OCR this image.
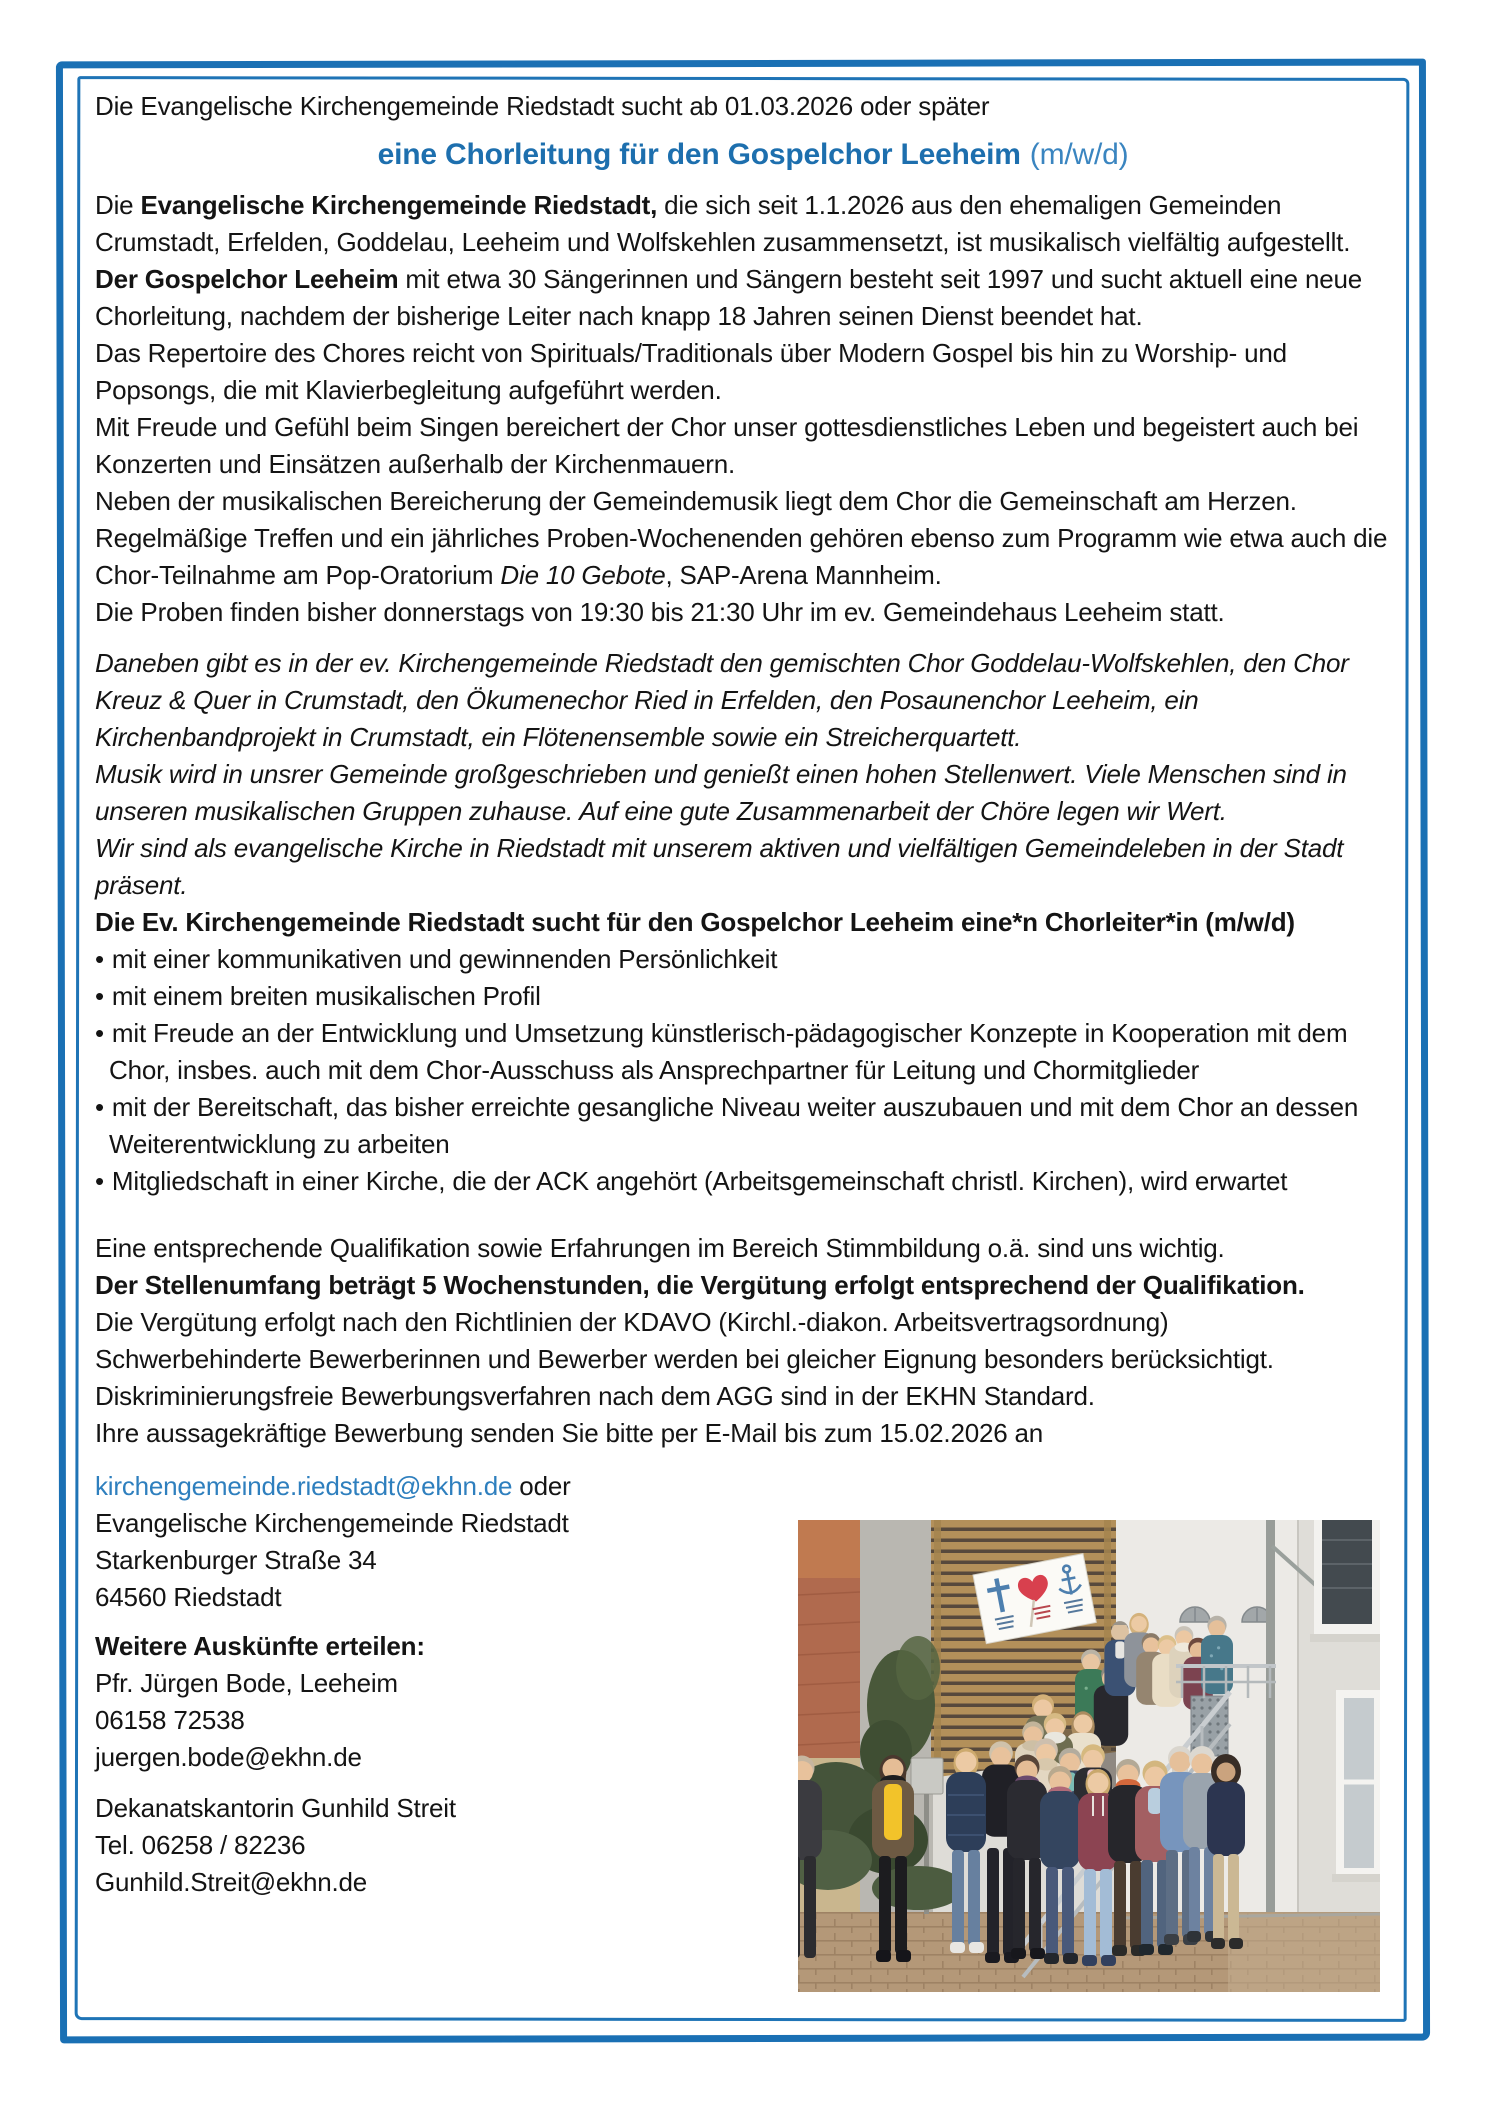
Die Evangelische Kirchengemeinde Riedstadt sucht ab 01.03.2026 oder später

eine Chorleitung für den Gospelchor Leeheim (m/w/d)

Die Evangelische Kirchengemeinde Riedstadt, die sich seit 1.1.2026 aus den ehemaligen Gemeinden Crumstadt, Erfelden, Goddelau, Leeheim und Wolfskehlen zusammensetzt, ist musikalisch vielfältig aufgestellt.

Der Gospelchor Leeheim mit etwa 30 Sängerinnen und Sängern besteht seit 1997 und sucht aktuell eine neue Chorleitung, nachdem der bisherige Leiter nach knapp 18 Jahren seinen Dienst beendet hat.

Das Repertoire des Chores reicht von Spirituals/Traditionals über Modern Gospel bis hin zu Worship- und Popsongs, die mit Klavierbegleitung aufgeführt werden.

Mit Freude und Gefühl beim Singen bereichert der Chor unser gottesdienstliches Leben und begeistert auch bei Konzerten und Einsätzen außerhalb der Kirchenmauern.

Neben der musikalischen Bereicherung der Gemeindemusik liegt dem Chor die Gemeinschaft am Herzen. Regelmäßige Treffen und ein jährliches Proben-Wochenenden gehören ebenso zum Programm wie etwa auch die Chor-Teilnahme am Pop-Oratorium Die 10 Gebote, SAP-Arena Mannheim.

Die Proben finden bisher donnerstags von 19:30 bis 21:30 Uhr im ev. Gemeindehaus Leeheim statt.

Daneben gibt es in der ev. Kirchengemeinde Riedstadt den gemischten Chor Goddelau-Wolfskehlen, den Chor Kreuz & Quer in Crumstadt, den Ökumenechor Ried in Erfelden, den Posaunenchor Leeheim, ein Kirchenbandprojekt in Crumstadt, ein Flötenensemble sowie ein Streicherquartett.

Musik wird in unsrer Gemeinde großgeschrieben und genießt einen hohen Stellenwert. Viele Menschen sind in unseren musikalischen Gruppen zuhause. Auf eine gute Zusammenarbeit der Chöre legen wir Wert.

Wir sind als evangelische Kirche in Riedstadt mit unserem aktiven und vielfältigen Gemeindeleben in der Stadt präsent.

Die Ev. Kirchengemeinde Riedstadt sucht für den Gospelchor Leeheim eine*n Chorleiter*in (m/w/d)

• mit einer kommunikativen und gewinnenden Persönlichkeit
• mit einem breiten musikalischen Profil
• mit Freude an der Entwicklung und Umsetzung künstlerisch-pädagogischer Konzepte in Kooperation mit dem Chor, insbes. auch mit dem Chor-Ausschuss als Ansprechpartner für Leitung und Chormitglieder
• mit der Bereitschaft, das bisher erreichte gesangliche Niveau weiter auszubauen und mit dem Chor an dessen Weiterentwicklung zu arbeiten
• Mitgliedschaft in einer Kirche, die der ACK angehört (Arbeitsgemeinschaft christl. Kirchen), wird erwartet

Eine entsprechende Qualifikation sowie Erfahrungen im Bereich Stimmbildung o.ä. sind uns wichtig.

Der Stellenumfang beträgt 5 Wochenstunden, die Vergütung erfolgt entsprechend der Qualifikation.

Die Vergütung erfolgt nach den Richtlinien der KDAVO (Kirchl.-diakon. Arbeitsvertragsordnung)

Schwerbehinderte Bewerberinnen und Bewerber werden bei gleicher Eignung besonders berücksichtigt.

Diskriminierungsfreie Bewerbungsverfahren nach dem AGG sind in der EKHN Standard.

Ihre aussagekräftige Bewerbung senden Sie bitte per E-Mail bis zum 15.02.2026 an

kirchengemeinde.riedstadt@ekhn.de oder

Evangelische Kirchengemeinde Riedstadt

Starkenburger Straße 34

64560 Riedstadt

Weitere Auskünfte erteilen:

Pfr. Jürgen Bode, Leeheim

06158 72538

juergen.bode@ekhn.de

Dekanatskantorin Gunhild Streit

Tel. 06258 / 82236

Gunhild.Streit@ekhn.de
